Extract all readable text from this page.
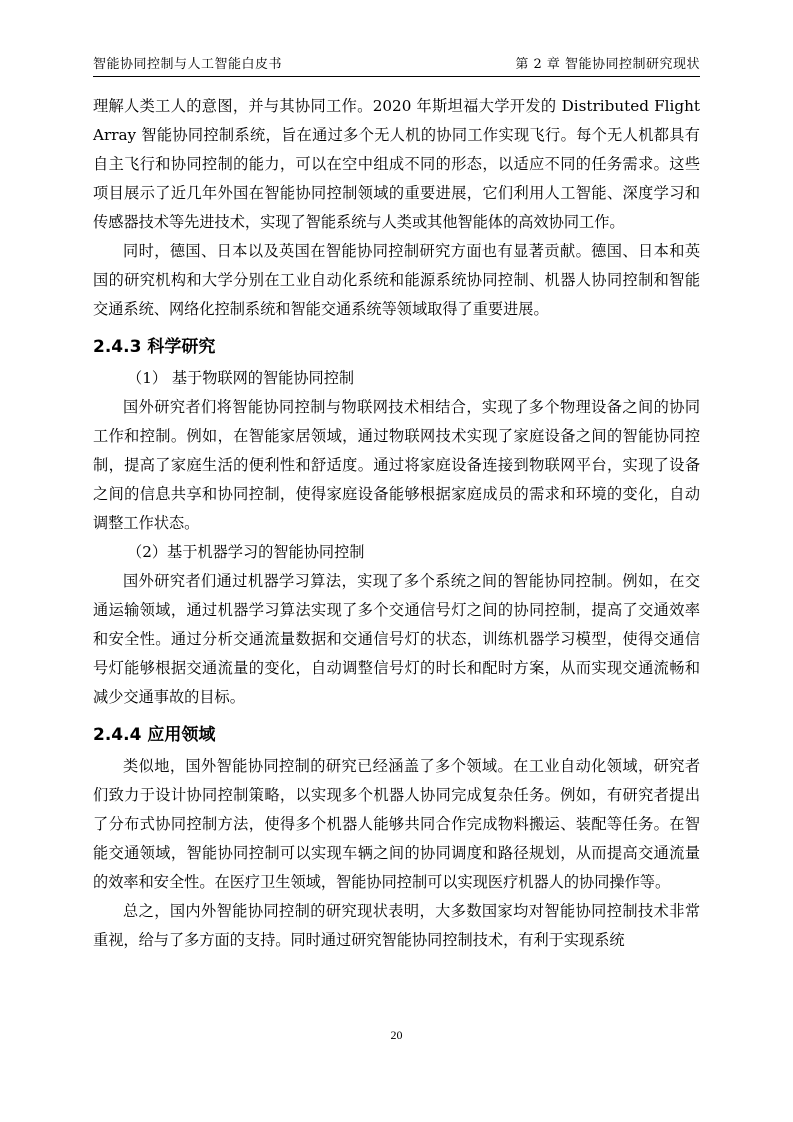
智能协同控制与人工智能白皮书	第 2 章 智能协同控制研究现状

理解人类工人的意图，并与其协同工作。2020 年斯坦福大学开发的 Distributed Flight Array 智能协同控制系统，旨在通过多个无人机的协同工作实现飞行。每个无人机都具有自主飞行和协同控制的能力，可以在空中组成不同的形态，以适应不同的任务需求。这些项目展示了近几年外国在智能协同控制领域的重要进展，它们利用人工智能、深度学习和传感器技术等先进技术，实现了智能系统与人类或其他智能体的高效协同工作。

同时，德国、日本以及英国在智能协同控制研究方面也有显著贡献。德国、日本和英国的研究机构和大学分别在工业自动化系统和能源系统协同控制、机器人协同控制和智能交通系统、网络化控制系统和智能交通系统等领域取得了重要进展。

2.4.3 科学研究

（1） 基于物联网的智能协同控制

国外研究者们将智能协同控制与物联网技术相结合，实现了多个物理设备之间的协同工作和控制。例如，在智能家居领域，通过物联网技术实现了家庭设备之间的智能协同控制，提高了家庭生活的便利性和舒适度。通过将家庭设备连接到物联网平台，实现了设备之间的信息共享和协同控制，使得家庭设备能够根据家庭成员的需求和环境的变化，自动调整工作状态。

（2）基于机器学习的智能协同控制

国外研究者们通过机器学习算法，实现了多个系统之间的智能协同控制。例如，在交通运输领域，通过机器学习算法实现了多个交通信号灯之间的协同控制，提高了交通效率和安全性。通过分析交通流量数据和交通信号灯的状态，训练机器学习模型，使得交通信号灯能够根据交通流量的变化，自动调整信号灯的时长和配时方案，从而实现交通流畅和减少交通事故的目标。

2.4.4 应用领域

类似地，国外智能协同控制的研究已经涵盖了多个领域。在工业自动化领域，研究者们致力于设计协同控制策略，以实现多个机器人协同完成复杂任务。例如，有研究者提出了分布式协同控制方法，使得多个机器人能够共同合作完成物料搬运、装配等任务。在智能交通领域，智能协同控制可以实现车辆之间的协同调度和路径规划，从而提高交通流量的效率和安全性。在医疗卫生领域，智能协同控制可以实现医疗机器人的协同操作等。

总之，国内外智能协同控制的研究现状表明，大多数国家均对智能协同控制技术非常重视，给与了多方面的支持。同时通过研究智能协同控制技术，有利于实现系统

20
